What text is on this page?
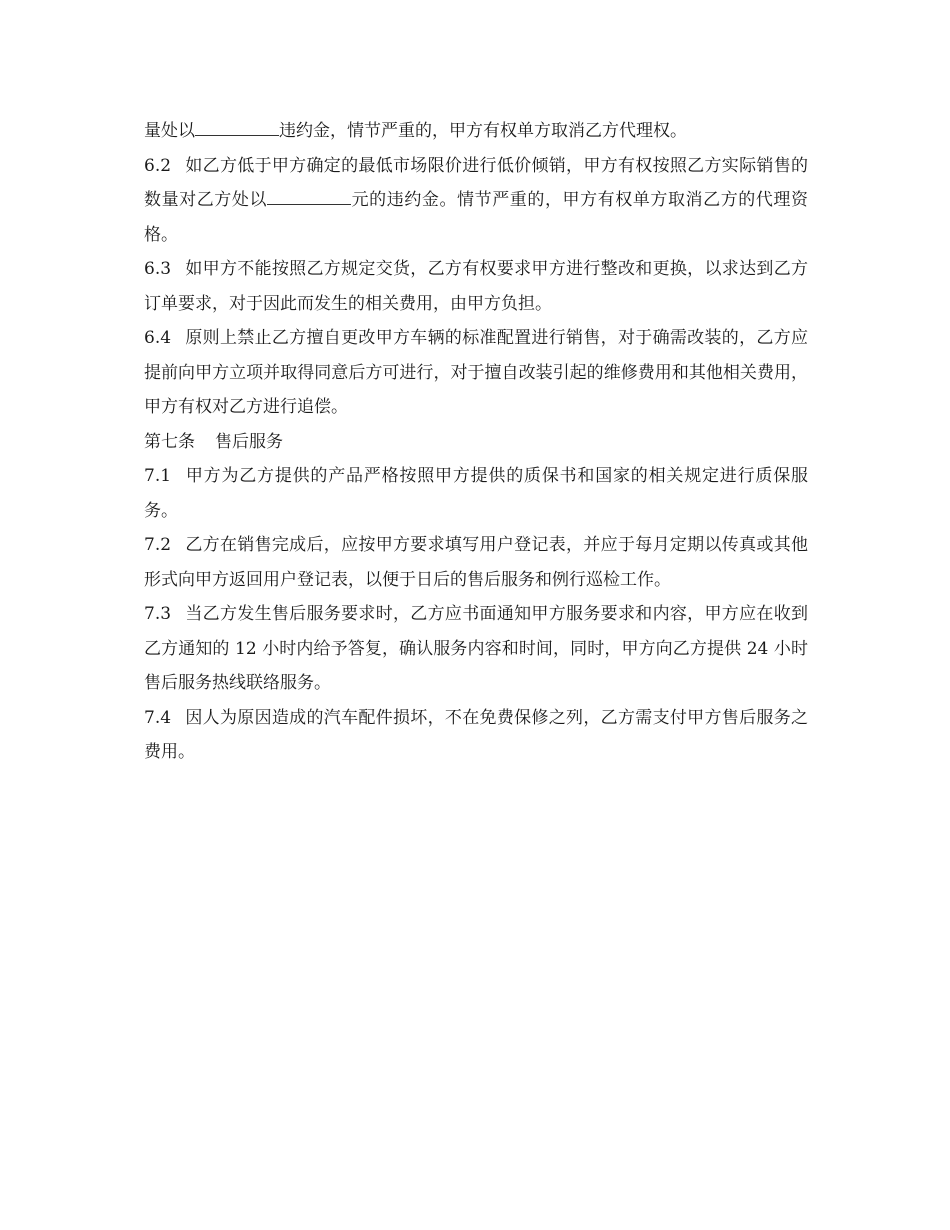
量处以	违约金，情节严重的，甲方有权单方取消乙方代理权。

6.2 如乙方低于甲方确定的最低市场限价进行低价倾销，甲方有权按照乙方实际销售的数量对乙方处以	元的违约金。情节严重的，甲方有权单方取消乙方的代理资格。

6.3 如甲方不能按照乙方规定交货，乙方有权要求甲方进行整改和更换，以求达到乙方订单要求，对于因此而发生的相关费用，由甲方负担。

6.4 原则上禁止乙方擅自更改甲方车辆的标准配置进行销售，对于确需改装的，乙方应提前向甲方立项并取得同意后方可进行，对于擅自改装引起的维修费用和其他相关费用，甲方有权对乙方进行追偿。

第七条 售后服务

7.1 甲方为乙方提供的产品严格按照甲方提供的质保书和国家的相关规定进行质保服务。

7.2 乙方在销售完成后，应按甲方要求填写用户登记表，并应于每月定期以传真或其他形式向甲方返回用户登记表，以便于日后的售后服务和例行巡检工作。

7.3 当乙方发生售后服务要求时，乙方应书面通知甲方服务要求和内容，甲方应在收到乙方通知的 12 小时内给予答复，确认服务内容和时间，同时，甲方向乙方提供 24 小时售后服务热线联络服务。

7.4 因人为原因造成的汽车配件损坏，不在免费保修之列，乙方需支付甲方售后服务之费用。
